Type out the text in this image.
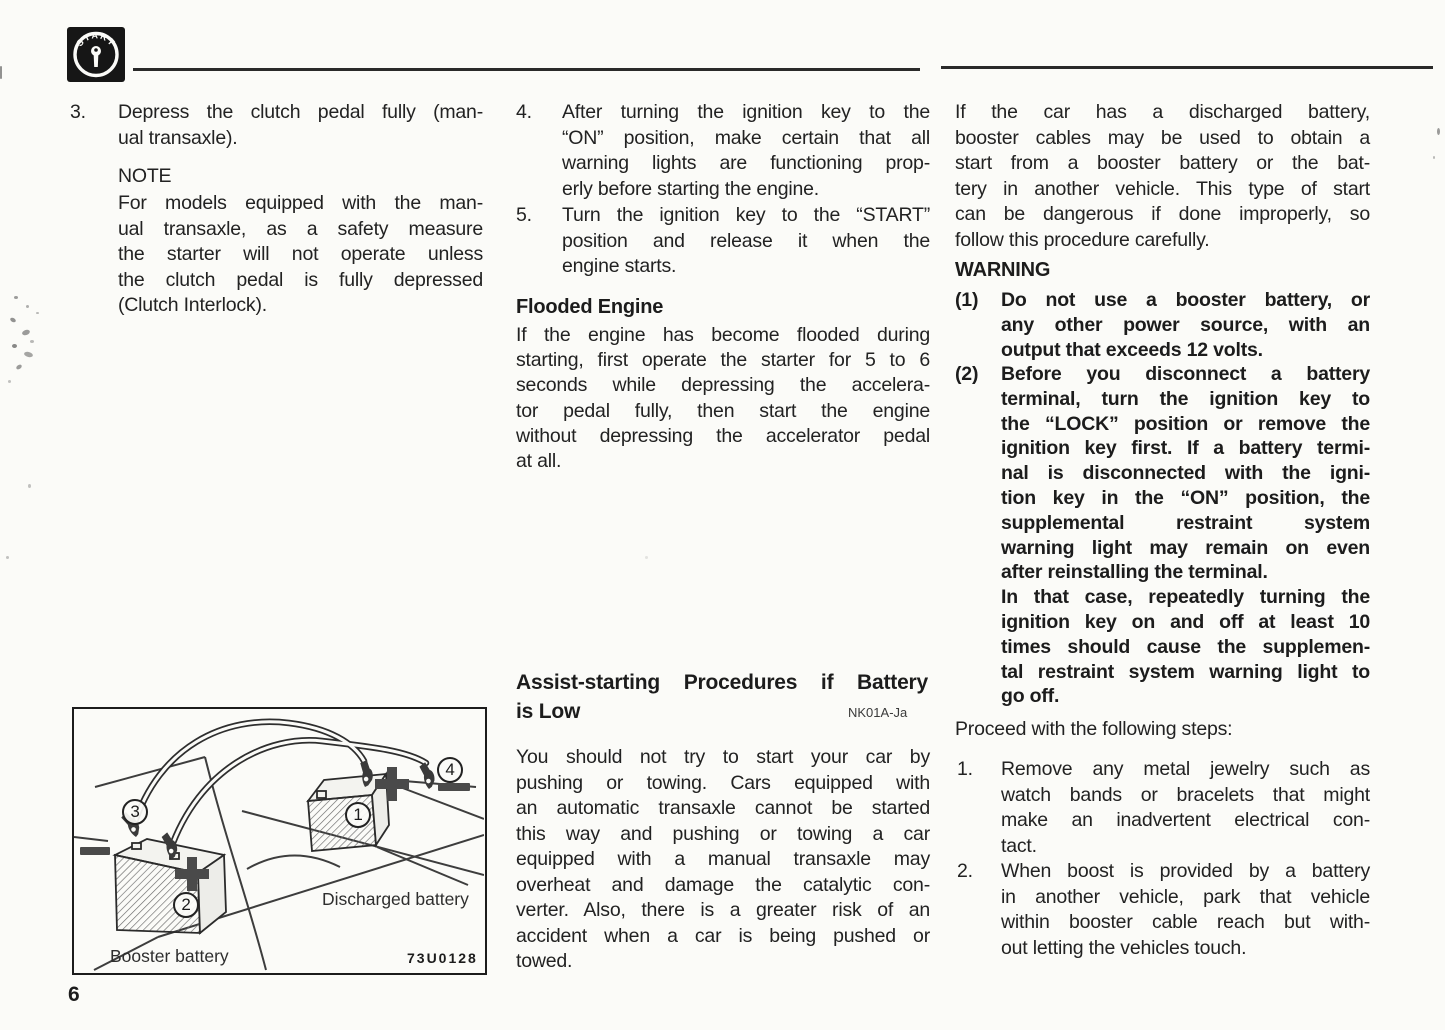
START
3. Depress the clutch pedal fully (man-
ual transaxle).
NOTE
For models equipped with the man-
ual transaxle, as a safety measure
the starter will not operate unless
the clutch pedal is fully depressed
(Clutch Interlock).
4. After turning the ignition key to the
“ON” position, make certain that all
warning lights are functioning prop-
erly before starting the engine.
5. Turn the ignition key to the “START”
position and release it when the
engine starts.
Flooded Engine
If the engine has become flooded during
starting, first operate the starter for 5 to 6
seconds while depressing the accelera-
tor pedal fully, then start the engine
without depressing the accelerator pedal
at all.
Assist-starting Procedures if Battery
is Low	NK01A-Ja
You should not try to start your car by
pushing or towing. Cars equipped with
an automatic transaxle cannot be started
this way and pushing or towing a car
equipped with a manual transaxle may
overheat and damage the catalytic con-
verter. Also, there is a greater risk of an
accident when a car is being pushed or
towed.
If the car has a discharged battery,
booster cables may be used to obtain a
start from a booster battery or the bat-
tery in another vehicle. This type of start
can be dangerous if done improperly, so
follow this procedure carefully.
WARNING
(1) Do not use a booster battery, or
any other power source, with an
output that exceeds 12 volts.
(2) Before you disconnect a battery
terminal, turn the ignition key to
the “LOCK” position or remove the
ignition key first. If a battery termi-
nal is disconnected with the igni-
tion key in the “ON” position, the
supplemental restraint system
warning light may remain on even
after reinstalling the terminal.
In that case, repeatedly turning the
ignition key on and off at least 10
times should cause the supplemen-
tal restraint system warning light to
go off.
Proceed with the following steps:
1. Remove any metal jewelry such as
watch bands or bracelets that might
make an inadvertent electrical con-
tact.
2. When boost is provided by a battery
in another vehicle, park that vehicle
within booster cable reach but with-
out letting the vehicles touch.
1
2
3
4
Discharged battery
Booster battery	73U0128
6
